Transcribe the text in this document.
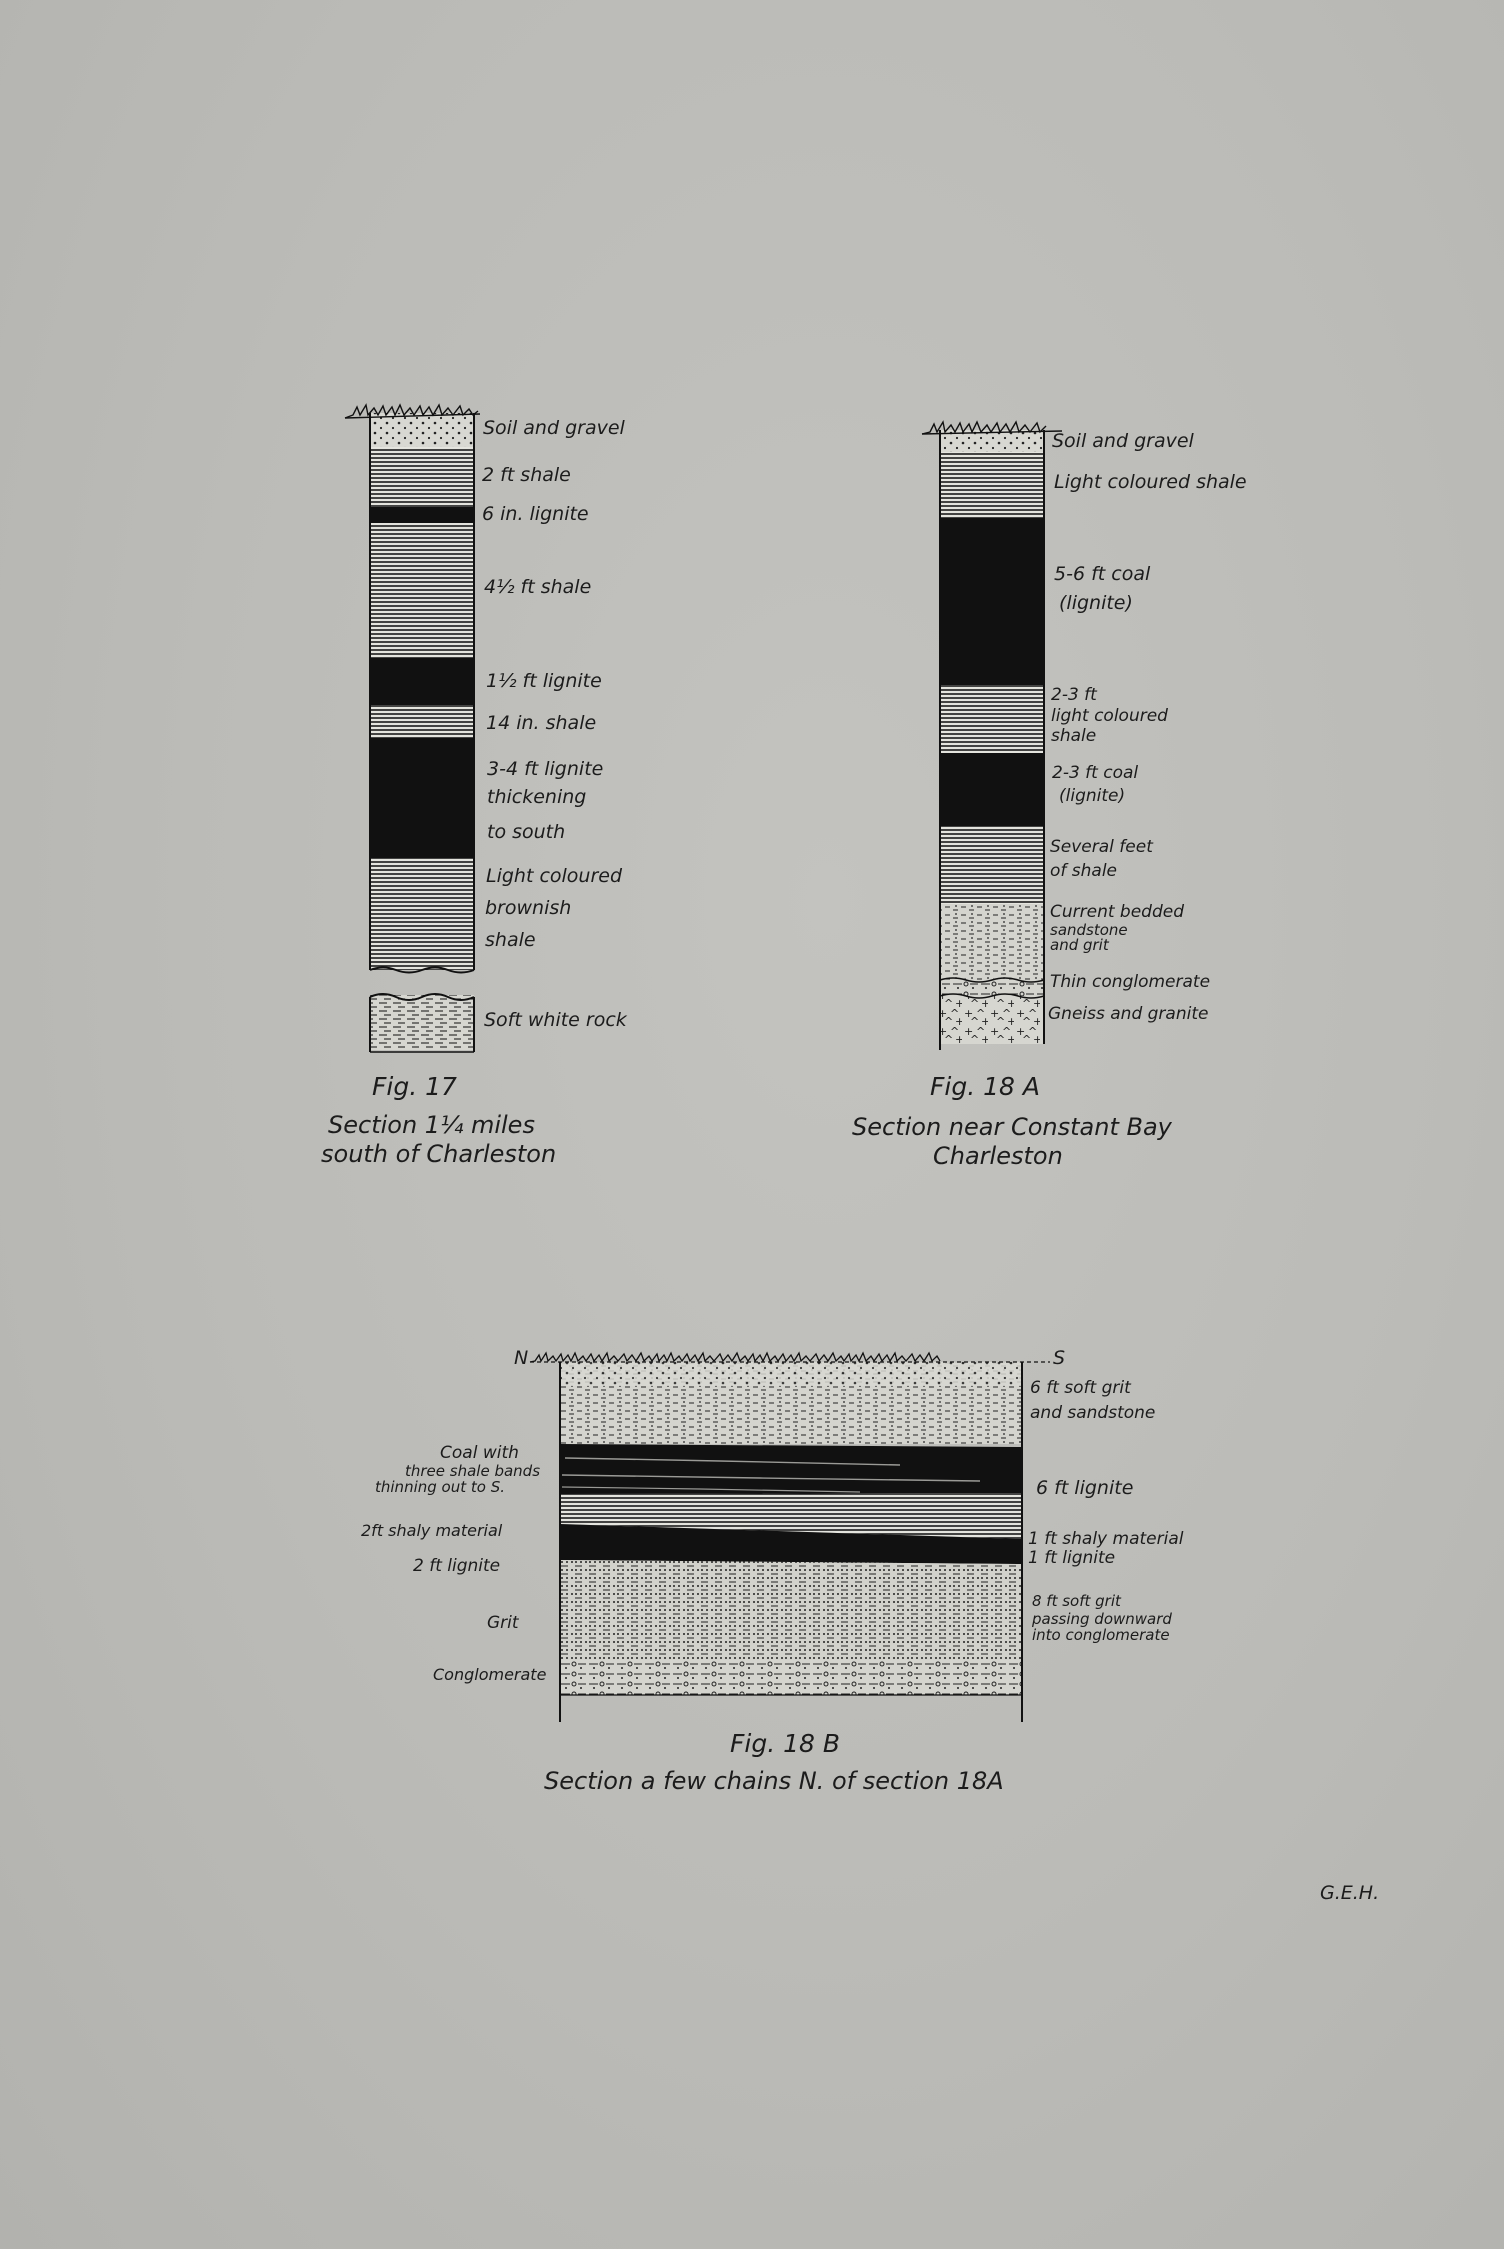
Soil and gravel
2 ft shale
6 in. lignite
4½ ft shale
1½ ft lignite
14 in. shale
3-4 ft lignite
thickening
to south
Light coloured
brownish
shale
Soft white rock
Fig. 17
Section 1¼ miles
south of Charleston
Soil and gravel
Light coloured shale
5-6 ft coal
(lignite)
2-3 ft
light coloured
shale
2-3 ft coal
(lignite)
Several feet
of shale
Current bedded
sandstone
and grit
Thin conglomerate
Gneiss and granite
Fig. 18 A
Section near Constant Bay
Charleston
N	S
Coal with
three shale bands
thinning out to S.
2ft shaly material
2 ft lignite
Grit
Conglomerate
6 ft soft grit
and sandstone
6 ft lignite
1 ft shaly material
1 ft lignite
8 ft soft grit
passing downward
into conglomerate
Fig. 18 B
Section a few chains N. of section 18A
G.E.H.
